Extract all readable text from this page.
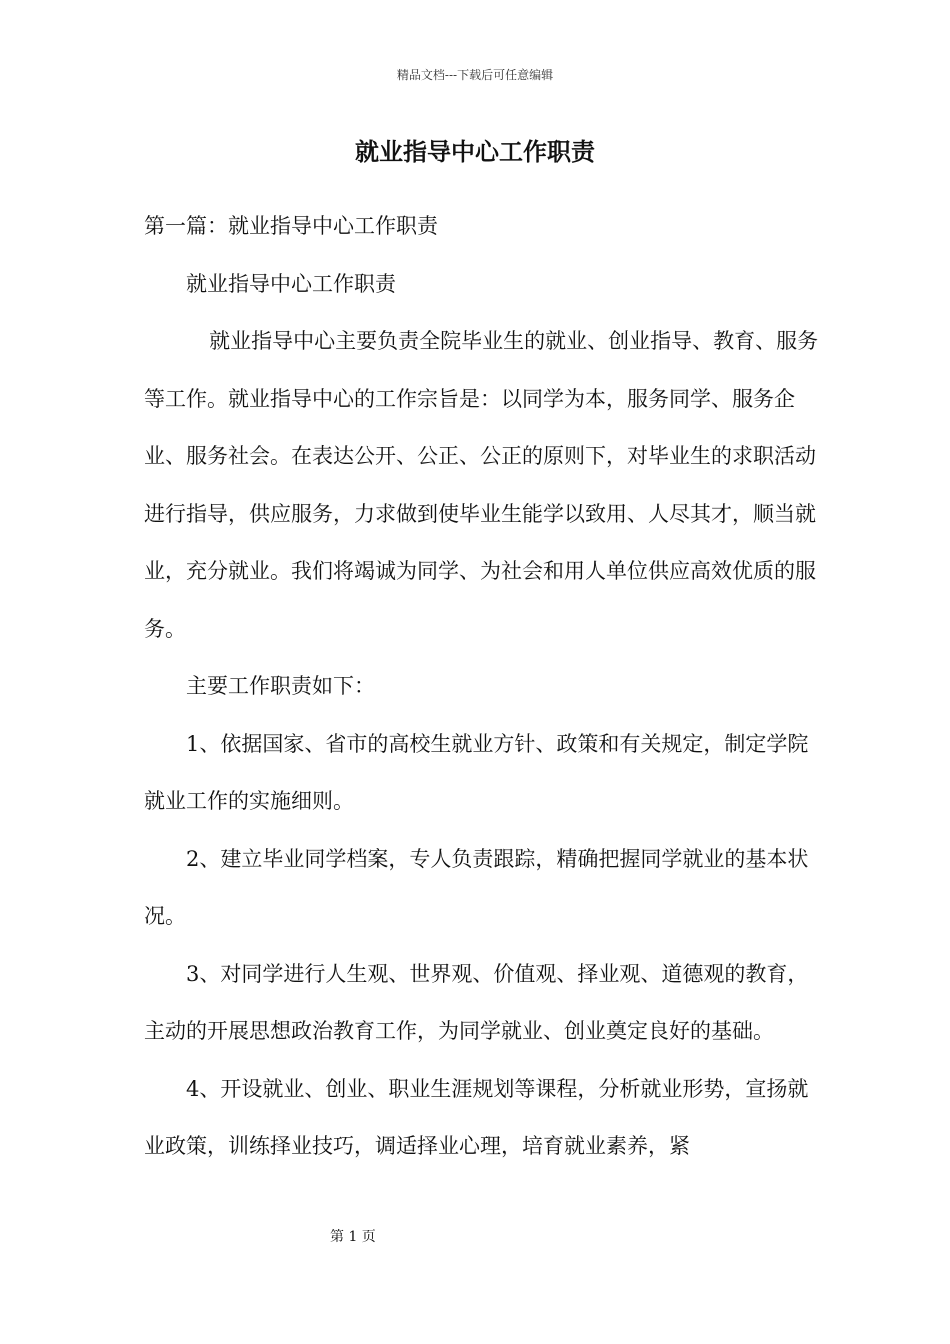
精品文档---下载后可任意编辑
就业指导中心工作职责

第一篇：就业指导中心工作职责

就业指导中心工作职责

就业指导中心主要负责全院毕业生的就业、创业指导、教育、服务等工作。就业指导中心的工作宗旨是：以同学为本，服务同学、服务企业、服务社会。在表达公开、公正、公正的原则下，对毕业生的求职活动进行指导，供应服务，力求做到使毕业生能学以致用、人尽其才，顺当就业，充分就业。我们将竭诚为同学、为社会和用人单位供应高效优质的服务。

主要工作职责如下：

1、依据国家、省市的高校生就业方针、政策和有关规定，制定学院就业工作的实施细则。

2、建立毕业同学档案，专人负责跟踪，精确把握同学就业的基本状况。

3、对同学进行人生观、世界观、价值观、择业观、道德观的教育，主动的开展思想政治教育工作，为同学就业、创业奠定良好的基础。

4、开设就业、创业、职业生涯规划等课程，分析就业形势，宣扬就业政策，训练择业技巧，调适择业心理，培育就业素养，紧

第 1 页
